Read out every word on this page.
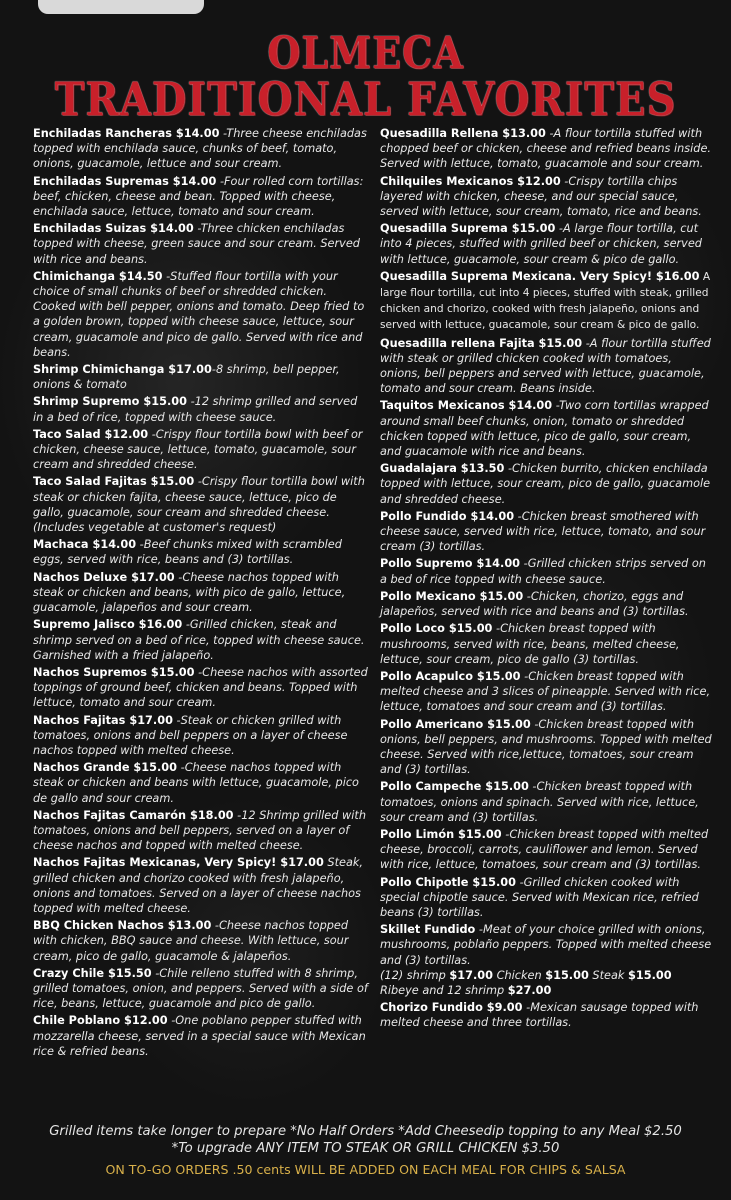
OLMECA
TRADITIONAL FAVORITES
Enchiladas Rancheras $14.00 -Three cheese enchiladas topped with enchilada sauce, chunks of beef, tomato, onions, guacamole, lettuce and sour cream.
Enchiladas Supremas $14.00 -Four rolled corn tortillas: beef, chicken, cheese and bean. Topped with cheese, enchilada sauce, lettuce, tomato and sour cream.
Enchiladas Suizas $14.00 -Three chicken enchiladas topped with cheese, green sauce and sour cream. Served with rice and beans.
Chimichanga $14.50 -Stuffed flour tortilla with your choice of small chunks of beef or shredded chicken. Cooked with bell pepper, onions and tomato. Deep fried to a golden brown, topped with cheese sauce, lettuce, sour cream, guacamole and pico de gallo. Served with rice and beans.
Shrimp Chimichanga $17.00-8 shrimp, bell pepper, onions & tomato
Shrimp Supremo $15.00 -12 shrimp grilled and served in a bed of rice, topped with cheese sauce.
Taco Salad $12.00 -Crispy flour tortilla bowl with beef or chicken, cheese sauce, lettuce, tomato, guacamole, sour cream and shredded cheese.
Taco Salad Fajitas $15.00 -Crispy flour tortilla bowl with steak or chicken fajita, cheese sauce, lettuce, pico de gallo, guacamole, sour cream and shredded cheese. (Includes vegetable at customer's request)
Machaca $14.00 -Beef chunks mixed with scrambled eggs, served with rice, beans and (3) tortillas.
Nachos Deluxe $17.00 -Cheese nachos topped with steak or chicken and beans, with pico de gallo, lettuce, guacamole, jalapeños and sour cream.
Supremo Jalisco $16.00 -Grilled chicken, steak and shrimp served on a bed of rice, topped with cheese sauce. Garnished with a fried jalapeño.
Nachos Supremos $15.00 -Cheese nachos with assorted toppings of ground beef, chicken and beans. Topped with lettuce, tomato and sour cream.
Nachos Fajitas $17.00 -Steak or chicken grilled with tomatoes, onions and bell peppers on a layer of cheese nachos topped with melted cheese.
Nachos Grande $15.00 -Cheese nachos topped with steak or chicken and beans with lettuce, guacamole, pico de gallo and sour cream.
Nachos Fajitas Camarón $18.00 -12 Shrimp grilled with tomatoes, onions and bell peppers, served on a layer of cheese nachos and topped with melted cheese.
Nachos Fajitas Mexicanas, Very Spicy! $17.00 Steak, grilled chicken and chorizo cooked with fresh jalapeño, onions and tomatoes. Served on a layer of cheese nachos topped with melted cheese.
BBQ Chicken Nachos $13.00 -Cheese nachos topped with chicken, BBQ sauce and cheese. With lettuce, sour cream, pico de gallo, guacamole & jalapeños.
Crazy Chile $15.50 -Chile relleno stuffed with 8 shrimp, grilled tomatoes, onion, and peppers. Served with a side of rice, beans, lettuce, guacamole and pico de gallo.
Chile Poblano $12.00 -One poblano pepper stuffed with mozzarella cheese, served in a special sauce with Mexican rice & refried beans.
Quesadilla Rellena $13.00 -A flour tortilla stuffed with chopped beef or chicken, cheese and refried beans inside. Served with lettuce, tomato, guacamole and sour cream.
Chilquiles Mexicanos $12.00 -Crispy tortilla chips layered with chicken, cheese, and our special sauce, served with lettuce, sour cream, tomato, rice and beans.
Quesadilla Suprema $15.00 -A large flour tortilla, cut into 4 pieces, stuffed with grilled beef or chicken, served with lettuce, guacamole, sour cream & pico de gallo.
Quesadilla Suprema Mexicana. Very Spicy! $16.00 A large flour tortilla, cut into 4 pieces, stuffed with steak, grilled chicken and chorizo, cooked with fresh jalapeño, onions and served with lettuce, guacamole, sour cream & pico de gallo.
Quesadilla rellena Fajita $15.00 -A flour tortilla stuffed with steak or grilled chicken cooked with tomatoes, onions, bell peppers and served with lettuce, guacamole, tomato and sour cream. Beans inside.
Taquitos Mexicanos $14.00 -Two corn tortillas wrapped around small beef chunks, onion, tomato or shredded chicken topped with lettuce, pico de gallo, sour cream, and guacamole with rice and beans.
Guadalajara $13.50 -Chicken burrito, chicken enchilada topped with lettuce, sour cream, pico de gallo, guacamole and shredded cheese.
Pollo Fundido $14.00 -Chicken breast smothered with cheese sauce, served with rice, lettuce, tomato, and sour cream (3) tortillas.
Pollo Supremo $14.00 -Grilled chicken strips served on a bed of rice topped with cheese sauce.
Pollo Mexicano $15.00 -Chicken, chorizo, eggs and jalapeños, served with rice and beans and (3) tortillas.
Pollo Loco $15.00 -Chicken breast topped with mushrooms, served with rice, beans, melted cheese, lettuce, sour cream, pico de gallo (3) tortillas.
Pollo Acapulco $15.00 -Chicken breast topped with melted cheese and 3 slices of pineapple. Served with rice, lettuce, tomatoes and sour cream and (3) tortillas.
Pollo Americano $15.00 -Chicken breast topped with onions, bell peppers, and mushrooms. Topped with melted cheese. Served with rice,lettuce, tomatoes, sour cream and (3) tortillas.
Pollo Campeche $15.00 -Chicken breast topped with tomatoes, onions and spinach. Served with rice, lettuce, sour cream and (3) tortillas.
Pollo Limón $15.00 -Chicken breast topped with melted cheese, broccoli, carrots, cauliflower and lemon. Served with rice, lettuce, tomatoes, sour cream and (3) tortillas.
Pollo Chipotle $15.00 -Grilled chicken cooked with special chipotle sauce. Served with Mexican rice, refried beans (3) tortillas.
Skillet Fundido -Meat of your choice grilled with onions, mushrooms, poblaño peppers. Topped with melted cheese and (3) tortillas.
(12) shrimp $17.00 Chicken $15.00 Steak $15.00
Ribeye and 12 shrimp $27.00
Chorizo Fundido $9.00 -Mexican sausage topped with melted cheese and three tortillas.
Grilled items take longer to prepare *No Half Orders *Add Cheesedip topping to any Meal $2.50
*To upgrade ANY ITEM TO STEAK OR GRILL CHICKEN $3.50
ON TO-GO ORDERS .50 cents WILL BE ADDED ON EACH MEAL FOR CHIPS & SALSA
